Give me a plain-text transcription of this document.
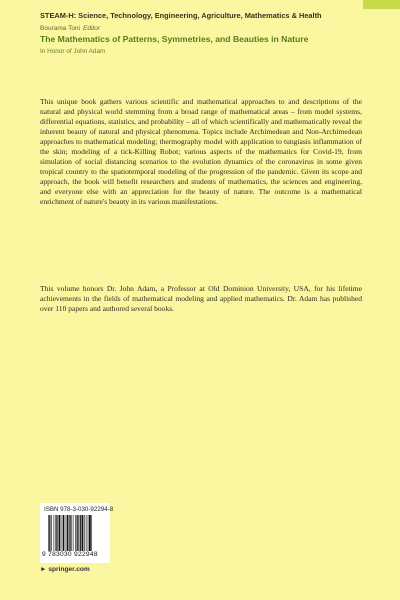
STEAM-H: Science, Technology, Engineering, Agriculture, Mathematics & Health
Bourama Toni Editor
The Mathematics of Patterns, Symmetries, and Beauties in Nature
In Honor of John Adam

This unique book gathers various scientific and mathematical approaches to and descriptions of the natural and physical world stemming from a broad range of mathematical areas – from model systems, differential equations, statistics, and probability – all of which scientifically and mathematically reveal the inherent beauty of natural and physical phenomena. Topics include Archimedean and Non-Archimedean approaches to mathematical modeling; thermography model with application to tungiasis inflammation of the skin; modeling of a tick-Killing Robot; various aspects of the mathematics for Covid-19, from simulation of social distancing scenarios to the evolution dynamics of the coronavirus in some given tropical country to the spatiotemporal modeling of the progression of the pandemic. Given its scope and approach, the book will benefit researchers and students of mathematics, the sciences and engineering, and everyone else with an appreciation for the beauty of nature. The outcome is a mathematical enrichment of nature's beauty in its various manifestations.

This volume honors Dr. John Adam, a Professor at Old Dominion University, USA, for his lifetime achievements in the fields of mathematical modeling and applied mathematics. Dr. Adam has published over 110 papers and authored several books.

ISBN 978-3-030-92294-8
9 783030 922948
► springer.com
